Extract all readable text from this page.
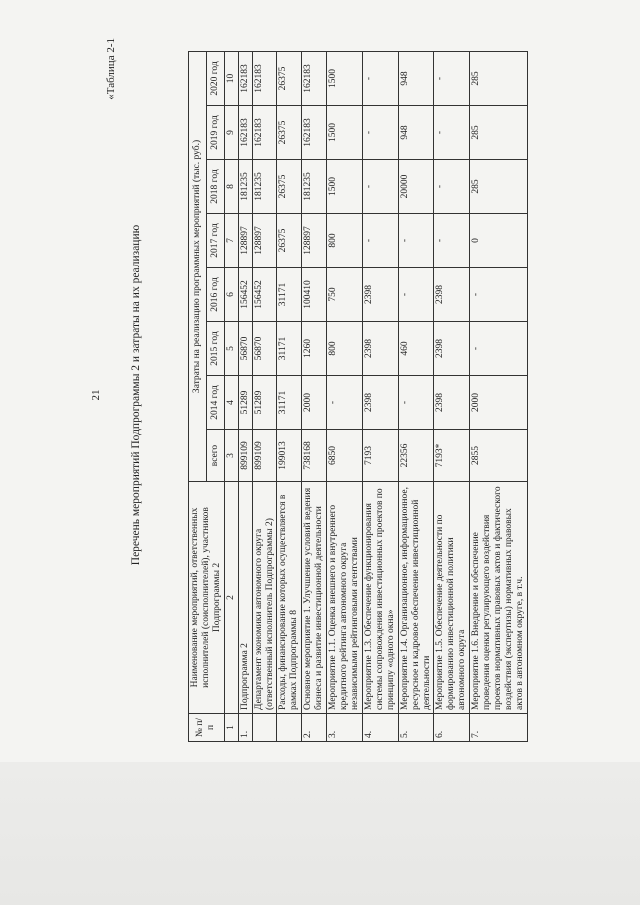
21
«Таблица 2-1
Перечень мероприятий Подпрограммы 2 и затраты на их реализацию
№ п/п	Наименование мероприятий, ответственных исполнителей (соисполнителей), участников Подпрограммы 2	Затраты на реализацию программных мероприятий (тыс. руб.)							
		всего	2014 год	2015 год	2016 год	2017 год	2018 год	2019 год	2020 год
1	2	3	4	5	6	7	8	9	10
1.	Подпрограмма 2	899109	51289	56870	156452	128897	181235	162183	162183
	Департамент экономики автономного округа (ответственный исполнитель Подпрограммы 2)	899109	51289	56870	156452	128897	181235	162183	162183
	Расходы, финансирование которых осуществляется в рамках Подпрограммы 8	199013	31171	31171	31171	26375	26375	26375	26375
2.	Основное мероприятие 1. Улучшение условий ведения бизнеса и развитие инвестиционной деятельности	738168	2000	1260	100410	128897	181235	162183	162183
3.	Мероприятие 1.1. Оценка внешнего и внутреннего кредитного рейтинга автономного округа независимыми рейтинговыми агентствами	6850	-	800	750	800	1500	1500	1500
4.	Мероприятие 1.3. Обеспечение функционирования системы сопровождения инвестиционных проектов по принципу «одного окна»	7193	2398	2398	2398	-	-	-	-
5.	Мероприятие 1.4. Организационное, информационное, ресурсное и кадровое обеспечение инвестиционной деятельности	22356	-	460	-	-	20000	948	948
6.	Мероприятие 1.5. Обеспечение деятельности по формированию инвестиционной политики автономного округа	7193*	2398	2398	2398	-	-	-	-
7.	Мероприятие 1.6. Внедрение и обеспечение проведения оценки регулирующего воздействия проектов нормативных правовых актов и фактического воздействия (экспертизы) нормативных правовых актов в автономном округе, в т.ч.	2855	2000	-	-	0	285	285	285
